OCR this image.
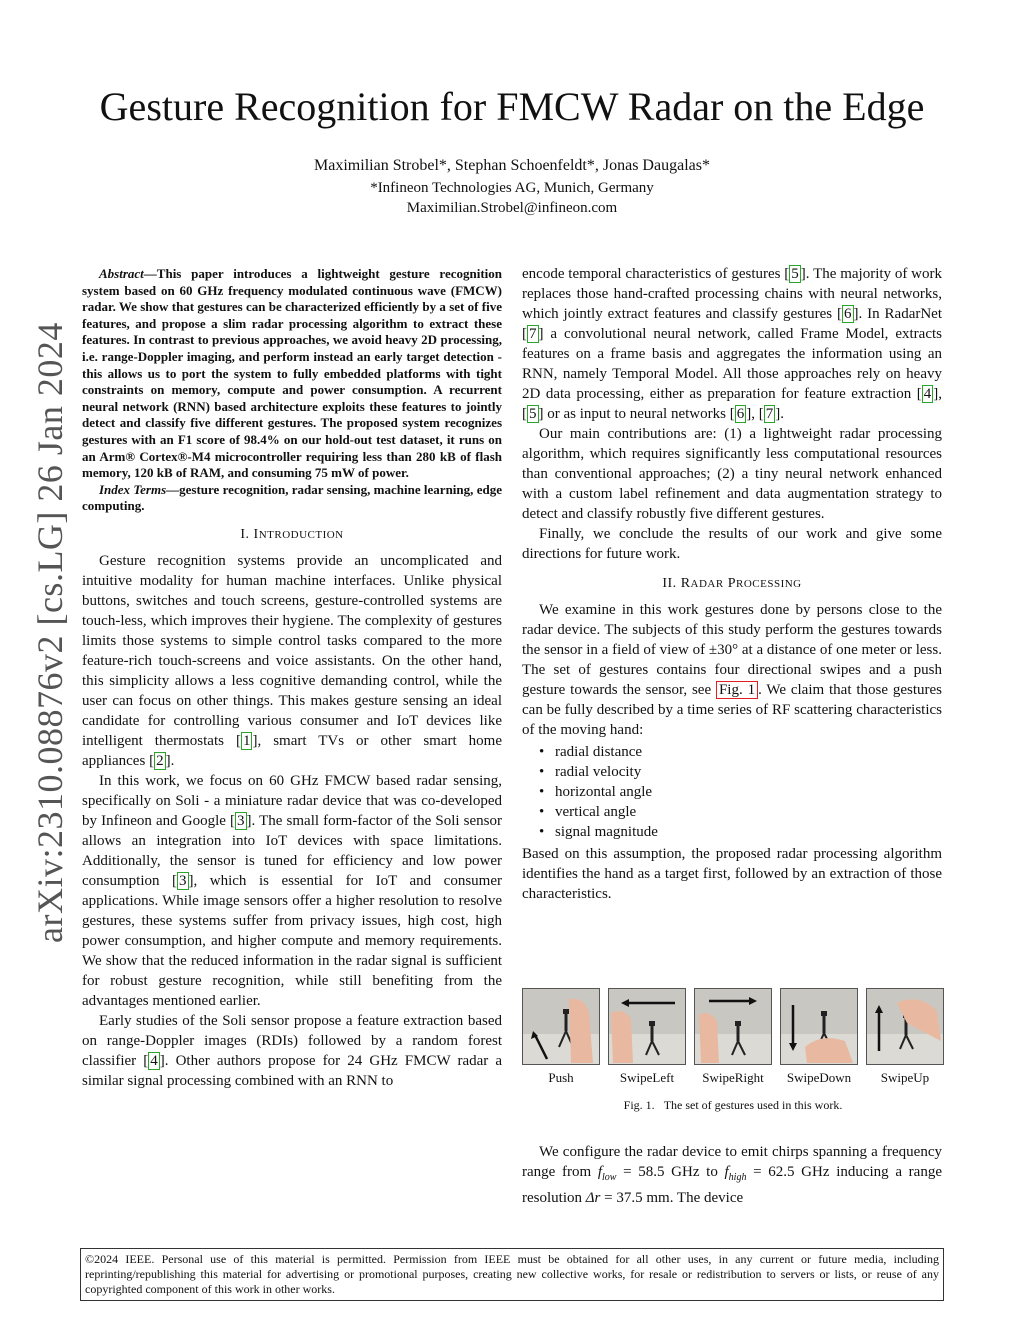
arXiv:2310.08876v2 [cs.LG] 26 Jan 2024
Gesture Recognition for FMCW Radar on the Edge
Maximilian Strobel*, Stephan Schoenfeldt*, Jonas Daugalas*
*Infineon Technologies AG, Munich, Germany
Maximilian.Strobel@infineon.com

Abstract—This paper introduces a lightweight gesture recognition system based on 60 GHz frequency modulated continuous wave (FMCW) radar. We show that gestures can be characterized efficiently by a set of five features, and propose a slim radar processing algorithm to extract these features. In contrast to previous approaches, we avoid heavy 2D processing, i.e. range-Doppler imaging, and perform instead an early target detection - this allows us to port the system to fully embedded platforms with tight constraints on memory, compute and power consumption. A recurrent neural network (RNN) based architecture exploits these features to jointly detect and classify five different gestures. The proposed system recognizes gestures with an F1 score of 98.4% on our hold-out test dataset, it runs on an Arm® Cortex®-M4 microcontroller requiring less than 280 kB of flash memory, 120 kB of RAM, and consuming 75 mW of power.

Index Terms—gesture recognition, radar sensing, machine learning, edge computing.

I. INTRODUCTION

Gesture recognition systems provide an uncomplicated and intuitive modality for human machine interfaces. Unlike physical buttons, switches and touch screens, gesture-controlled systems are touch-less, which improves their hygiene. The complexity of gestures limits those systems to simple control tasks compared to the more feature-rich touch-screens and voice assistants. On the other hand, this simplicity allows a less cognitive demanding control, while the user can focus on other things. This makes gesture sensing an ideal candidate for controlling various consumer and IoT devices like intelligent thermostats [ 1 ], smart TVs or other smart home appliances [ 2 ].

In this work, we focus on 60 GHz FMCW based radar sensing, specifically on Soli - a miniature radar device that was co-developed by Infineon and Google [ 3 ]. The small form-factor of the Soli sensor allows an integration into IoT devices with space limitations. Additionally, the sensor is tuned for efficiency and low power consumption [ 3 ], which is essential for IoT and consumer applications. While image sensors offer a higher resolution to resolve gestures, these systems suffer from privacy issues, high cost, high power consumption, and higher compute and memory requirements. We show that the reduced information in the radar signal is sufficient for robust gesture recognition, while still benefiting from the advantages mentioned earlier.

Early studies of the Soli sensor propose a feature extraction based on range-Doppler images (RDIs) followed by a random forest classifier [ 4 ]. Other authors propose for 24 GHz FMCW radar a similar signal processing combined with an RNN to

encode temporal characteristics of gestures [ 5 ]. The majority of work replaces those hand-crafted processing chains with neural networks, which jointly extract features and classify gestures [ 6 ]. In RadarNet [ 7 ] a convolutional neural network, called Frame Model, extracts features on a frame basis and aggregates the information using an RNN, namely Temporal Model. All those approaches rely on heavy 2D data processing, either as preparation for feature extraction [ 4 ], [ 5 ] or as input to neural networks [ 6 ], [ 7 ].

Our main contributions are: (1) a lightweight radar processing algorithm, which requires significantly less computational resources than conventional approaches; (2) a tiny neural network enhanced with a custom label refinement and data augmentation strategy to detect and classify robustly five different gestures.

Finally, we conclude the results of our work and give some directions for future work.

II. RADAR PROCESSING

We examine in this work gestures done by persons close to the radar device. The subjects of this study perform the gestures towards the sensor in a field of view of ±30° at a distance of one meter or less. The set of gestures contains four directional swipes and a push gesture towards the sensor, see Fig. 1 . We claim that those gestures can be fully described by a time series of RF scattering characteristics of the moving hand:

• radial distance
• radial velocity
• horizontal angle
• vertical angle
• signal magnitude

Based on this assumption, the proposed radar processing algorithm identifies the hand as a target first, followed by an extraction of those characteristics.

Push	SwipeLeft	SwipeRight	SwipeDown	SwipeUp
Fig. 1. The set of gestures used in this work.

We configure the radar device to emit chirps spanning a frequency range from $f_{low} = 58.5$ GHz to $f_{high} = 62.5$ GHz inducing a range resolution Δr = 37.5 mm. The device

©2024 IEEE. Personal use of this material is permitted. Permission from IEEE must be obtained for all other uses, in any current or future media, including reprinting/republishing this material for advertising or promotional purposes, creating new collective works, for resale or redistribution to servers or lists, or reuse of any copyrighted component of this work in other works.
